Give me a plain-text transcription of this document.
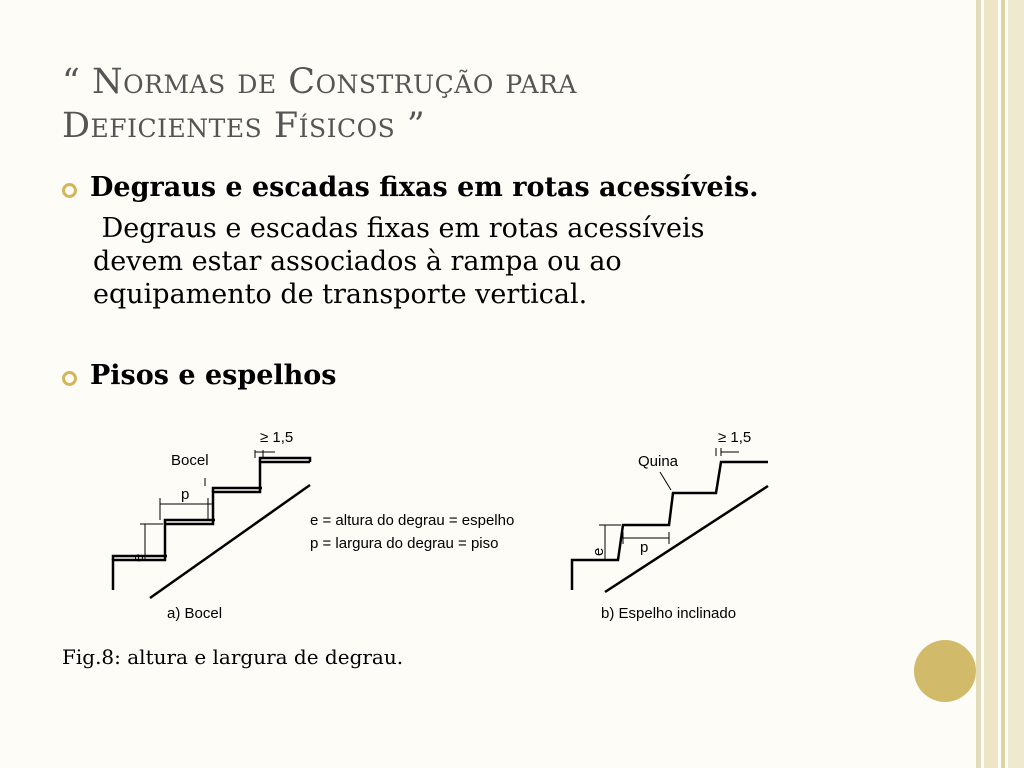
“ Normas de Construção para
Deficientes Físicos ”
Degraus e escadas fixas em rotas acessíveis.
Degraus e escadas fixas em rotas acessíveis
devem estar associados à rampa ou ao
equipamento de transporte vertical.
Pisos e espelhos
e
p
Bocel
≥ 1,5
a) Bocel
e = altura do degrau = espelho
p = largura do degrau = piso	e p
Quina
≥ 1,5
b) Espelho inclinado
Fig.8: altura e largura de degrau.
